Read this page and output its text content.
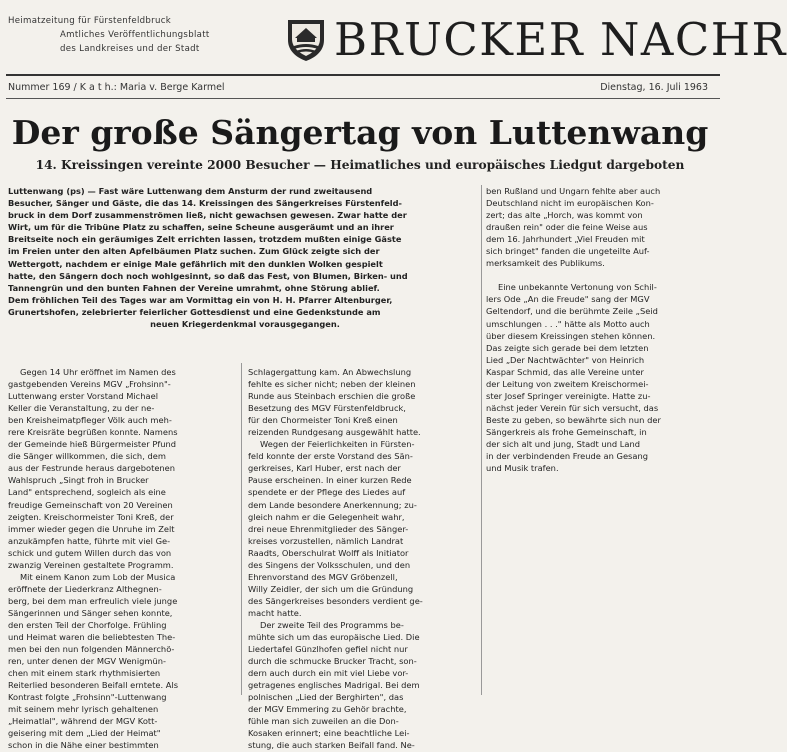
Heimatzeitung für Fürstenfeldbruck
Amtliches Veröffentlichungsblatt
des Landkreises und der Stadt	BRUCKER NACHR
Nummer 169 / K a t h.: Maria v. Berge Karmel	Dienstag, 16. Juli 1963
Der große Sängertag von Luttenwang
14. Kreissingen vereinte 2000 Besucher — Heimatliches und europäisches Liedgut dargeboten
Luttenwang (ps) — Fast wäre Luttenwang dem Ansturm der rund zweitausend
Besucher, Sänger und Gäste, die das 14. Kreissingen des Sängerkreises Fürstenfeld-
bruck in dem Dorf zusammenströmen ließ, nicht gewachsen gewesen. Zwar hatte der
Wirt, um für die Tribüne Platz zu schaffen, seine Scheune ausgeräumt und an ihrer
Breitseite noch ein geräumiges Zelt errichten lassen, trotzdem mußten einige Gäste
im Freien unter den alten Apfelbäumen Platz suchen. Zum Glück zeigte sich der
Wettergott, nachdem er einige Male gefährlich mit den dunklen Wolken gespielt
hatte, den Sängern doch noch wohlgesinnt, so daß das Fest, von Blumen, Birken- und
Tannengrün und den bunten Fahnen der Vereine umrahmt, ohne Störung ablief.
Dem fröhlichen Teil des Tages war am Vormittag ein von H. H. Pfarrer Altenburger,
Grunertshofen, zelebrierter feierlicher Gottesdienst und eine Gedenkstunde am
neuen Kriegerdenkmal vorausgegangen.
Gegen 14 Uhr eröffnet im Namen des
gastgebenden Vereins MGV „Frohsinn"-
Luttenwang erster Vorstand Michael
Keller die Veranstaltung, zu der ne-
ben Kreisheimatpfleger Völk auch meh-
rere Kreisräte begrüßen konnte. Namens
der Gemeinde hieß Bürgermeister Pfund
die Sänger willkommen, die sich, dem
aus der Festrunde heraus dargebotenen
Wahlspruch „Singt froh in Brucker
Land" entsprechend, sogleich als eine
freudige Gemeinschaft von 20 Vereinen
zeigten. Kreischormeister Toni Kreß, der
immer wieder gegen die Unruhe im Zelt
anzukämpfen hatte, führte mit viel Ge-
schick und gutem Willen durch das von
zwanzig Vereinen gestaltete Programm.
Mit einem Kanon zum Lob der Musica
eröffnete der Liederkranz Althegnen-
berg, bei dem man erfreulich viele junge
Sängerinnen und Sänger sehen konnte,
den ersten Teil der Chorfolge. Frühling
und Heimat waren die beliebtesten The-
men bei den nun folgenden Männerchö-
ren, unter denen der MGV Wenigmün-
chen mit einem stark rhythmisierten
Reiterlied besonderen Beifall erntete. Als
Kontrast folgte „Frohsinn"-Luttenwang
mit seinem mehr lyrisch gehaltenen
„Heimatlal", während der MGV Kott-
geisering mit dem „Lied der Heimat"
schon in die Nähe einer bestimmten
Schlagergattung kam. An Abwechslung
fehlte es sicher nicht; neben der kleinen
Runde aus Steinbach erschien die große
Besetzung des MGV Fürstenfeldbruck,
für den Chormeister Toni Kreß einen
reizenden Rundgesang ausgewählt hatte.
Wegen der Feierlichkeiten in Fürsten-
feld konnte der erste Vorstand des Sän-
gerkreises, Karl Huber, erst nach der
Pause erscheinen. In einer kurzen Rede
spendete er der Pflege des Liedes auf
dem Lande besondere Anerkennung; zu-
gleich nahm er die Gelegenheit wahr,
drei neue Ehrenmitglieder des Sänger-
kreises vorzustellen, nämlich Landrat
Raadts, Oberschulrat Wolff als Initiator
des Singens der Volksschulen, und den
Ehrenvorstand des MGV Gröbenzell,
Willy Zeidler, der sich um die Gründung
des Sängerkreises besonders verdient ge-
macht hatte.
Der zweite Teil des Programms be-
mühte sich um das europäische Lied. Die
Liedertafel Günzlhofen gefiel nicht nur
durch die schmucke Brucker Tracht, son-
dern auch durch ein mit viel Liebe vor-
getragenes englisches Madrigal. Bei dem
polnischen „Lied der Berghirten", das
der MGV Emmering zu Gehör brachte,
fühle man sich zuweilen an die Don-
Kosaken erinnert; eine beachtliche Lei-
stung, die auch starken Beifall fand. Ne-
ben Rußland und Ungarn fehlte aber auch
Deutschland nicht im europäischen Kon-
zert; das alte „Horch, was kommt von
draußen rein" oder die feine Weise aus
dem 16. Jahrhundert „Viel Freuden mit
sich bringet" fanden die ungeteilte Auf-
merksamkeit des Publikums.

Eine unbekannte Vertonung von Schil-
lers Ode „An die Freude" sang der MGV
Geltendorf, und die berühmte Zeile „Seid
umschlungen . . ." hätte als Motto auch
über diesem Kreissingen stehen können.
Das zeigte sich gerade bei dem letzten
Lied „Der Nachtwächter" von Heinrich
Kaspar Schmid, das alle Vereine unter
der Leitung von zweitem Kreischormei-
ster Josef Springer vereinigte. Hatte zu-
nächst jeder Verein für sich versucht, das
Beste zu geben, so bewährte sich nun der
Sängerkreis als frohe Gemeinschaft, in
der sich alt und jung, Stadt und Land
in der verbindenden Freude an Gesang
und Musik trafen.
